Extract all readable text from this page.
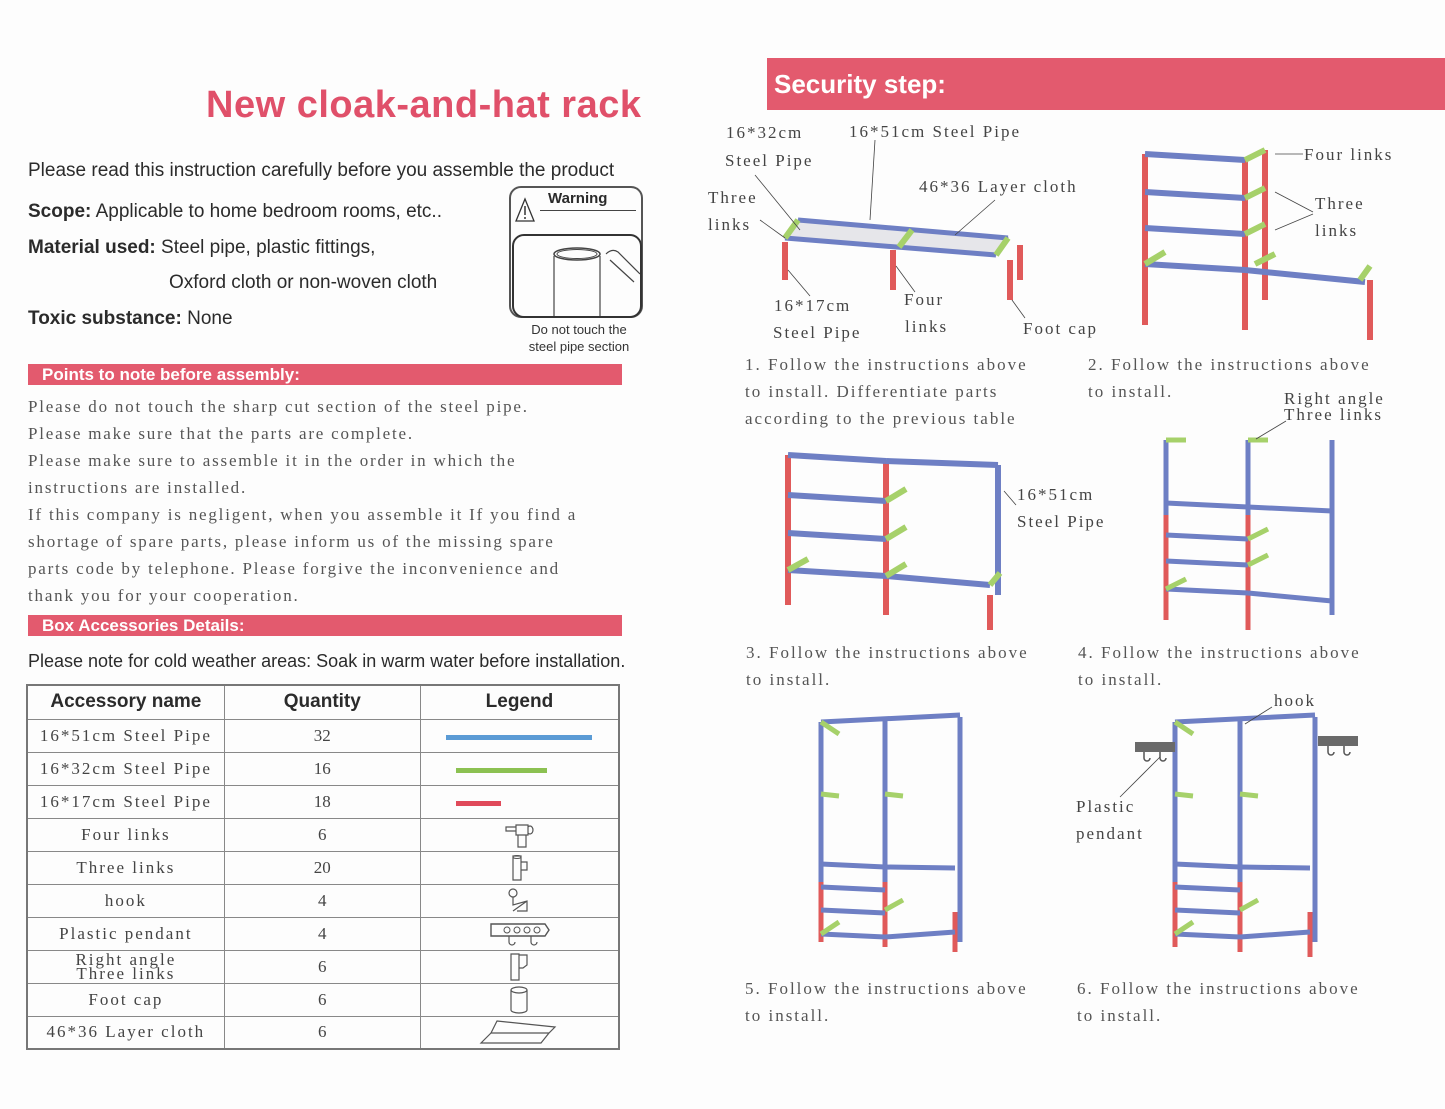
New cloak-and-hat rack
Please read this instruction carefully before you assemble the product
Scope: Applicable to home bedroom rooms, etc..
Material used: Steel pipe, plastic fittings,
Oxford cloth or non-woven cloth
Toxic substance: None
Warning
Do not touch the
steel pipe section
Points to note before assembly:
Please do not touch the sharp cut section of the steel pipe.
Please make sure that the parts are complete.
Please make sure to assemble it in the order in which the
instructions are installed.
If this company is negligent, when you assemble it If you find a
shortage of spare parts, please inform us of the missing spare
parts code by telephone. Please forgive the inconvenience and
thank you for your cooperation.
Box Accessories Details:
Please note for cold weather areas: Soak in warm water before installation.
Accessory name	Quantity	Legend
16*51cm Steel Pipe	32	
16*32cm Steel Pipe	16	
16*17cm Steel Pipe	18	
Four links	6	
Three links	20	
hook	4	
Plastic pendant	4	

Right angle
Three links	6	
Foot cap	6	
46*36 Layer cloth	6	
Security step:
16*32cm
Steel Pipe
16*51cm Steel Pipe
46*36 Layer cloth
Three
links
16*17cm
Steel Pipe
Four
links	Foot cap
Four links
Three
links
1. Follow the instructions above
to install. Differentiate parts
according to the previous table
2. Follow the instructions above
to install.
16*51cm
Steel Pipe
Right angle
Three links
3. Follow the instructions above
to install.
4. Follow the instructions above
to install.
hook
Plastic
pendant
5. Follow the instructions above
to install.
6. Follow the instructions above
to install.
